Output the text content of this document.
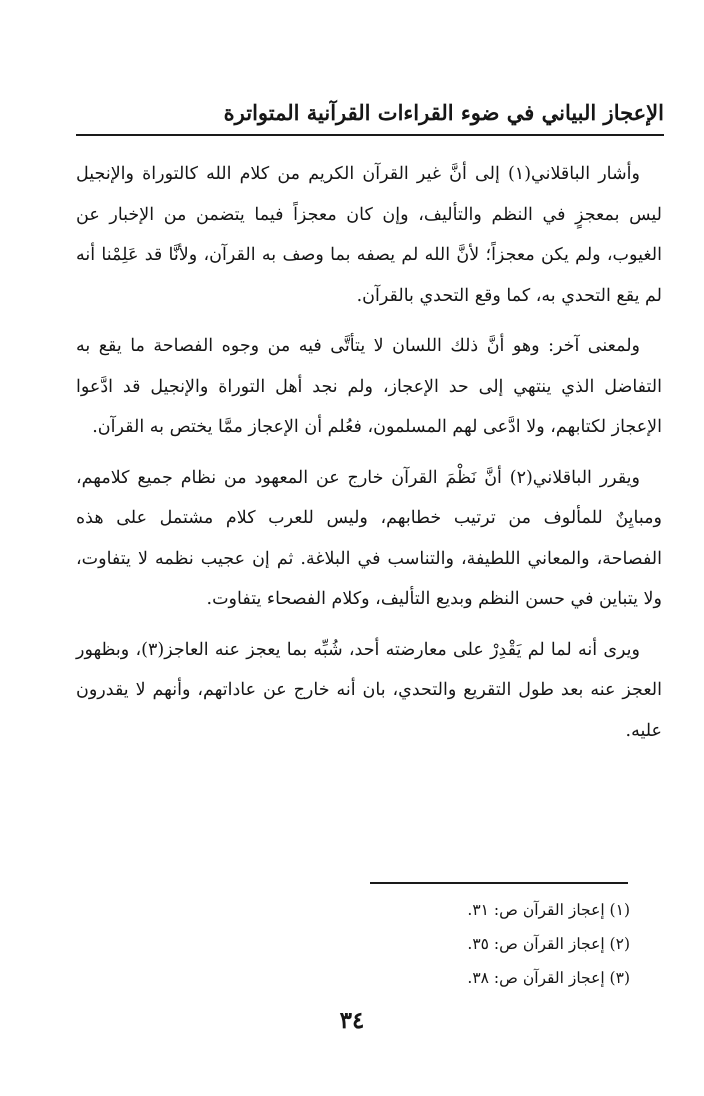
الإعجاز البياني في ضوء القراءات القرآنية المتواترة

وأشار الباقلاني(١) إلى أنَّ غير القرآن الكريم من كلام الله كالتوراة والإنجيل ليس بمعجزٍ في النظم والتأليف، وإن كان معجزاً فيما يتضمن من الإخبار عن الغيوب، ولم يكن معجزاً؛ لأنَّ الله لم يصفه بما وصف به القرآن، ولأنَّا قد عَلِمْنا أنه لم يقع التحدي به، كما وقع التحدي بالقرآن.

ولمعنى آخر: وهو أنَّ ذلك اللسان لا يتأتَّى فيه من وجوه الفصاحة ما يقع به التفاضل الذي ينتهي إلى حد الإعجاز، ولم نجد أهل التوراة والإنجيل قد ادَّعوا الإعجاز لكتابهم، ولا ادَّعى لهم المسلمون، فعُلم أن الإعجاز ممَّا يختص به القرآن.

ويقرر الباقلاني(٢) أنَّ نَظْمَ القرآن خارج عن المعهود من نظام جميع كلامهم، ومبايِنٌ للمألوف من ترتيب خطابهم، وليس للعرب كلام مشتمل على هذه الفصاحة، والمعاني اللطيفة، والتناسب في البلاغة. ثم إن عجيب نظمه لا يتفاوت، ولا يتباين في حسن النظم وبديع التأليف، وكلام الفصحاء يتفاوت.

ويرى أنه لما لم يَقْدِرْ على معارضته أحد، شُبِّه بما يعجز عنه العاجز(٣)، وبظهور العجز عنه بعد طول التقريع والتحدي، بان أنه خارج عن عاداتهم، وأنهم لا يقدرون عليه.

(١) إعجاز القرآن ص: ٣١.
(٢) إعجاز القرآن ص: ٣٥.
(٣) إعجاز القرآن ص: ٣٨.
٣٤
